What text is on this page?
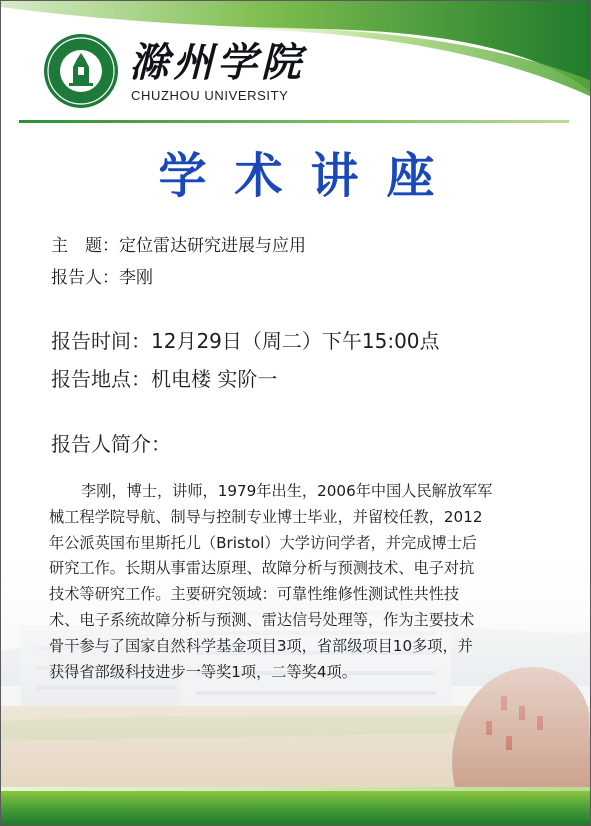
滁州学院
CHUZHOU UNIVERSITY
学术讲座
主　题：定位雷达研究进展与应用
报告人：李刚
报告时间：12月29日（周二）下午15:00点
报告地点：机电楼 实阶一
报告人简介：
李刚，博士，讲师，1979年出生，2006年中国人民解放军军
械工程学院导航、制导与控制专业博士毕业，并留校任教，2012
年公派英国布里斯托儿（Bristol）大学访问学者，并完成博士后
研究工作。长期从事雷达原理、故障分析与预测技术、电子对抗
技术等研究工作。主要研究领域：可靠性维修性测试性共性技
术、电子系统故障分析与预测、雷达信号处理等，作为主要技术
骨干参与了国家自然科学基金项目3项，省部级项目10多项，并
获得省部级科技进步一等奖1项，二等奖4项。
